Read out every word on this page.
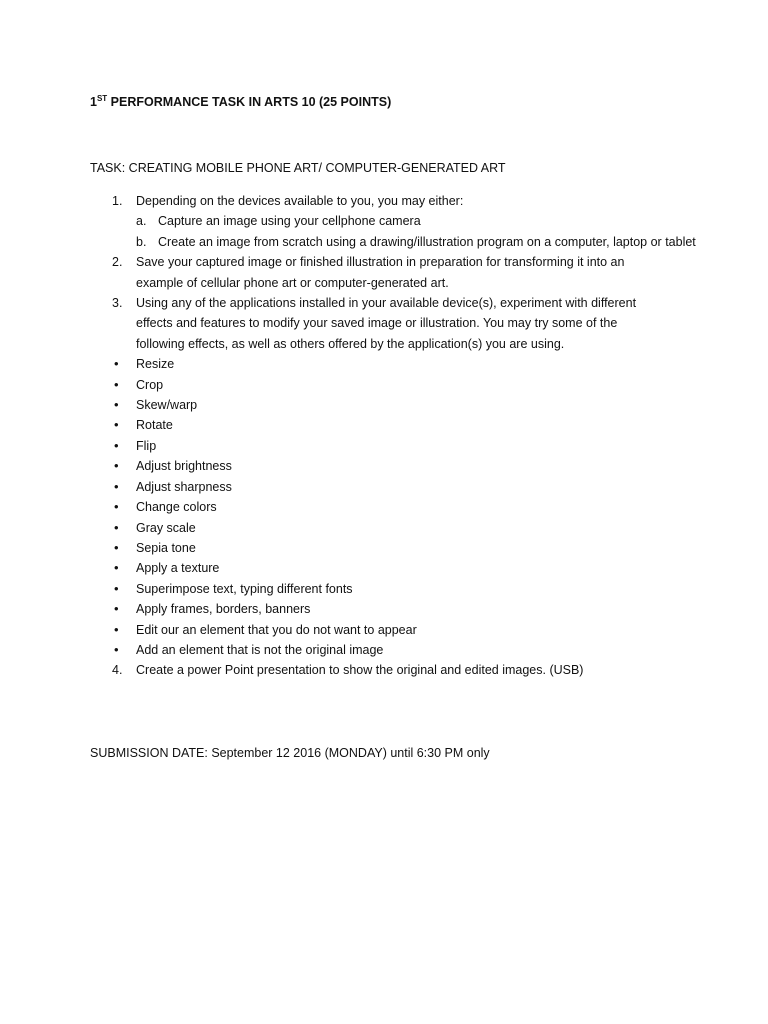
1ST PERFORMANCE TASK IN ARTS 10 (25 POINTS)
TASK: CREATING MOBILE PHONE ART/ COMPUTER-GENERATED ART
1. Depending on the devices available to you, you may either:
a. Capture an image using your cellphone camera
b. Create an image from scratch using a drawing/illustration program on a computer, laptop or tablet
2. Save your captured image or finished illustration in preparation for transforming it into an example of cellular phone art or computer-generated art.
3. Using any of the applications installed in your available device(s), experiment with different effects and features to modify your saved image or illustration. You may try some of the following effects, as well as others offered by the application(s) you are using.
• Resize
• Crop
• Skew/warp
• Rotate
• Flip
• Adjust brightness
• Adjust sharpness
• Change colors
• Gray scale
• Sepia tone
• Apply a texture
• Superimpose text, typing different fonts
• Apply frames, borders, banners
• Edit our an element that you do not want to appear
• Add an element that is not the original image
4. Create a power Point presentation to show the original and edited images. (USB)
SUBMISSION DATE: September 12 2016 (MONDAY) until 6:30 PM only
